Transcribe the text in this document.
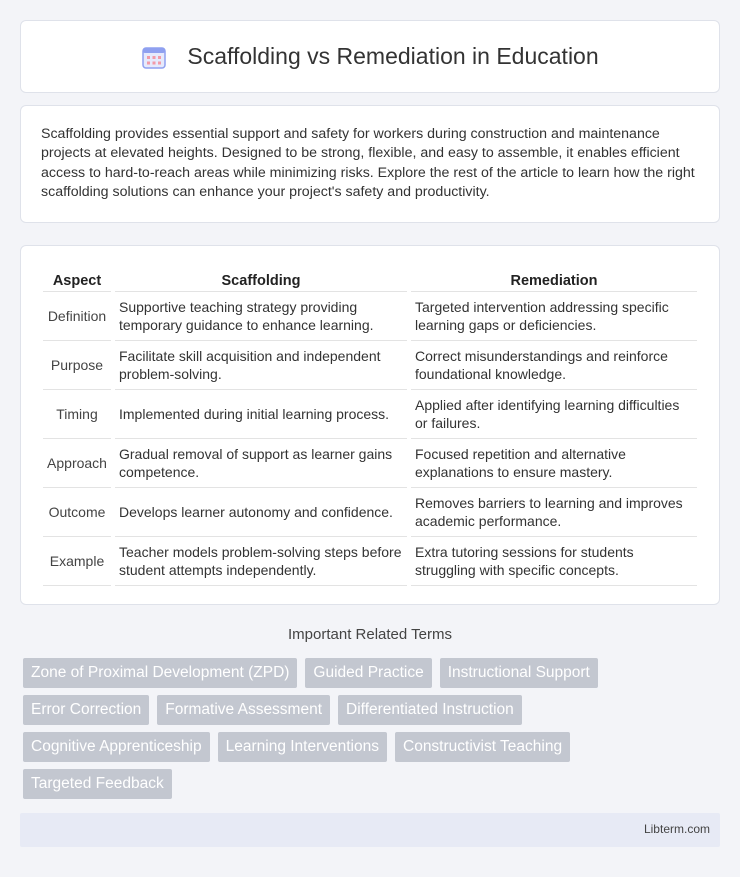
Scaffolding vs Remediation in Education

Scaffolding provides essential support and safety for workers during construction and maintenance projects at elevated heights. Designed to be strong, flexible, and easy to assemble, it enables efficient access to hard-to-reach areas while minimizing risks. Explore the rest of the article to learn how the right scaffolding solutions can enhance your project's safety and productivity.

Aspect	Scaffolding	Remediation
Definition	Supportive teaching strategy providing temporary guidance to enhance learning.	Targeted intervention addressing specific learning gaps or deficiencies.
Purpose	Facilitate skill acquisition and independent problem-solving.	Correct misunderstandings and reinforce foundational knowledge.
Timing	Implemented during initial learning process.	Applied after identifying learning difficulties or failures.
Approach	Gradual removal of support as learner gains competence.	Focused repetition and alternative explanations to ensure mastery.
Outcome	Develops learner autonomy and confidence.	Removes barriers to learning and improves academic performance.
Example	Teacher models problem-solving steps before student attempts independently.	Extra tutoring sessions for students struggling with specific concepts.
Important Related Terms
Zone of Proximal Development (ZPD)	Guided Practice	Instructional Support
Error Correction	Formative Assessment	Differentiated Instruction
Cognitive Apprenticeship	Learning Interventions	Constructivist Teaching
Targeted Feedback
Libterm.com
